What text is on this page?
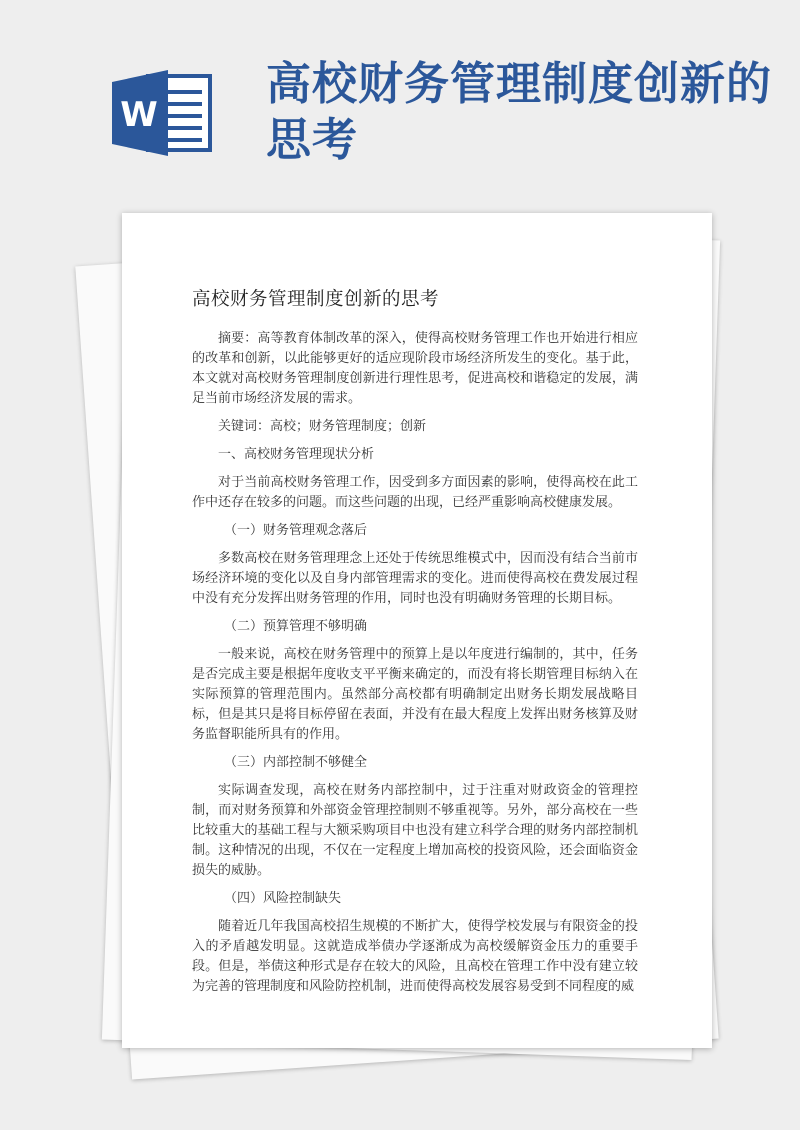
W
高校财务管理制度创新的思考
高校财务管理制度创新的思考

摘要：高等教育体制改革的深入，使得高校财务管理工作也开始进行相应的改革和创新，以此能够更好的适应现阶段市场经济所发生的变化。基于此，本文就对高校财务管理制度创新进行理性思考，促进高校和谐稳定的发展，满足当前市场经济发展的需求。

关键词：高校；财务管理制度；创新

一、高校财务管理现状分析

对于当前高校财务管理工作，因受到多方面因素的影响，使得高校在此工作中还存在较多的问题。而这些问题的出现，已经严重影响高校健康发展。

（一）财务管理观念落后

多数高校在财务管理理念上还处于传统思维模式中，因而没有结合当前市场经济环境的变化以及自身内部管理需求的变化。进而使得高校在费发展过程中没有充分发挥出财务管理的作用，同时也没有明确财务管理的长期目标。

（二）预算管理不够明确

一般来说，高校在财务管理中的预算上是以年度进行编制的，其中，任务是否完成主要是根据年度收支平平衡来确定的，而没有将长期管理目标纳入在实际预算的管理范围内。虽然部分高校都有明确制定出财务长期发展战略目标，但是其只是将目标停留在表面，并没有在最大程度上发挥出财务核算及财务监督职能所具有的作用。

（三）内部控制不够健全

实际调查发现，高校在财务内部控制中，过于注重对财政资金的管理控制，而对财务预算和外部资金管理控制则不够重视等。另外，部分高校在一些比较重大的基础工程与大额采购项目中也没有建立科学合理的财务内部控制机制。这种情况的出现，不仅在一定程度上增加高校的投资风险，还会面临资金损失的威胁。

（四）风险控制缺失

随着近几年我国高校招生规模的不断扩大，使得学校发展与有限资金的投入的矛盾越发明显。这就造成举债办学逐渐成为高校缓解资金压力的重要手段。但是，举债这种形式是存在较大的风险，且高校在管理工作中没有建立较为完善的管理制度和风险防控机制，进而使得高校发展容易受到不同程度的威
